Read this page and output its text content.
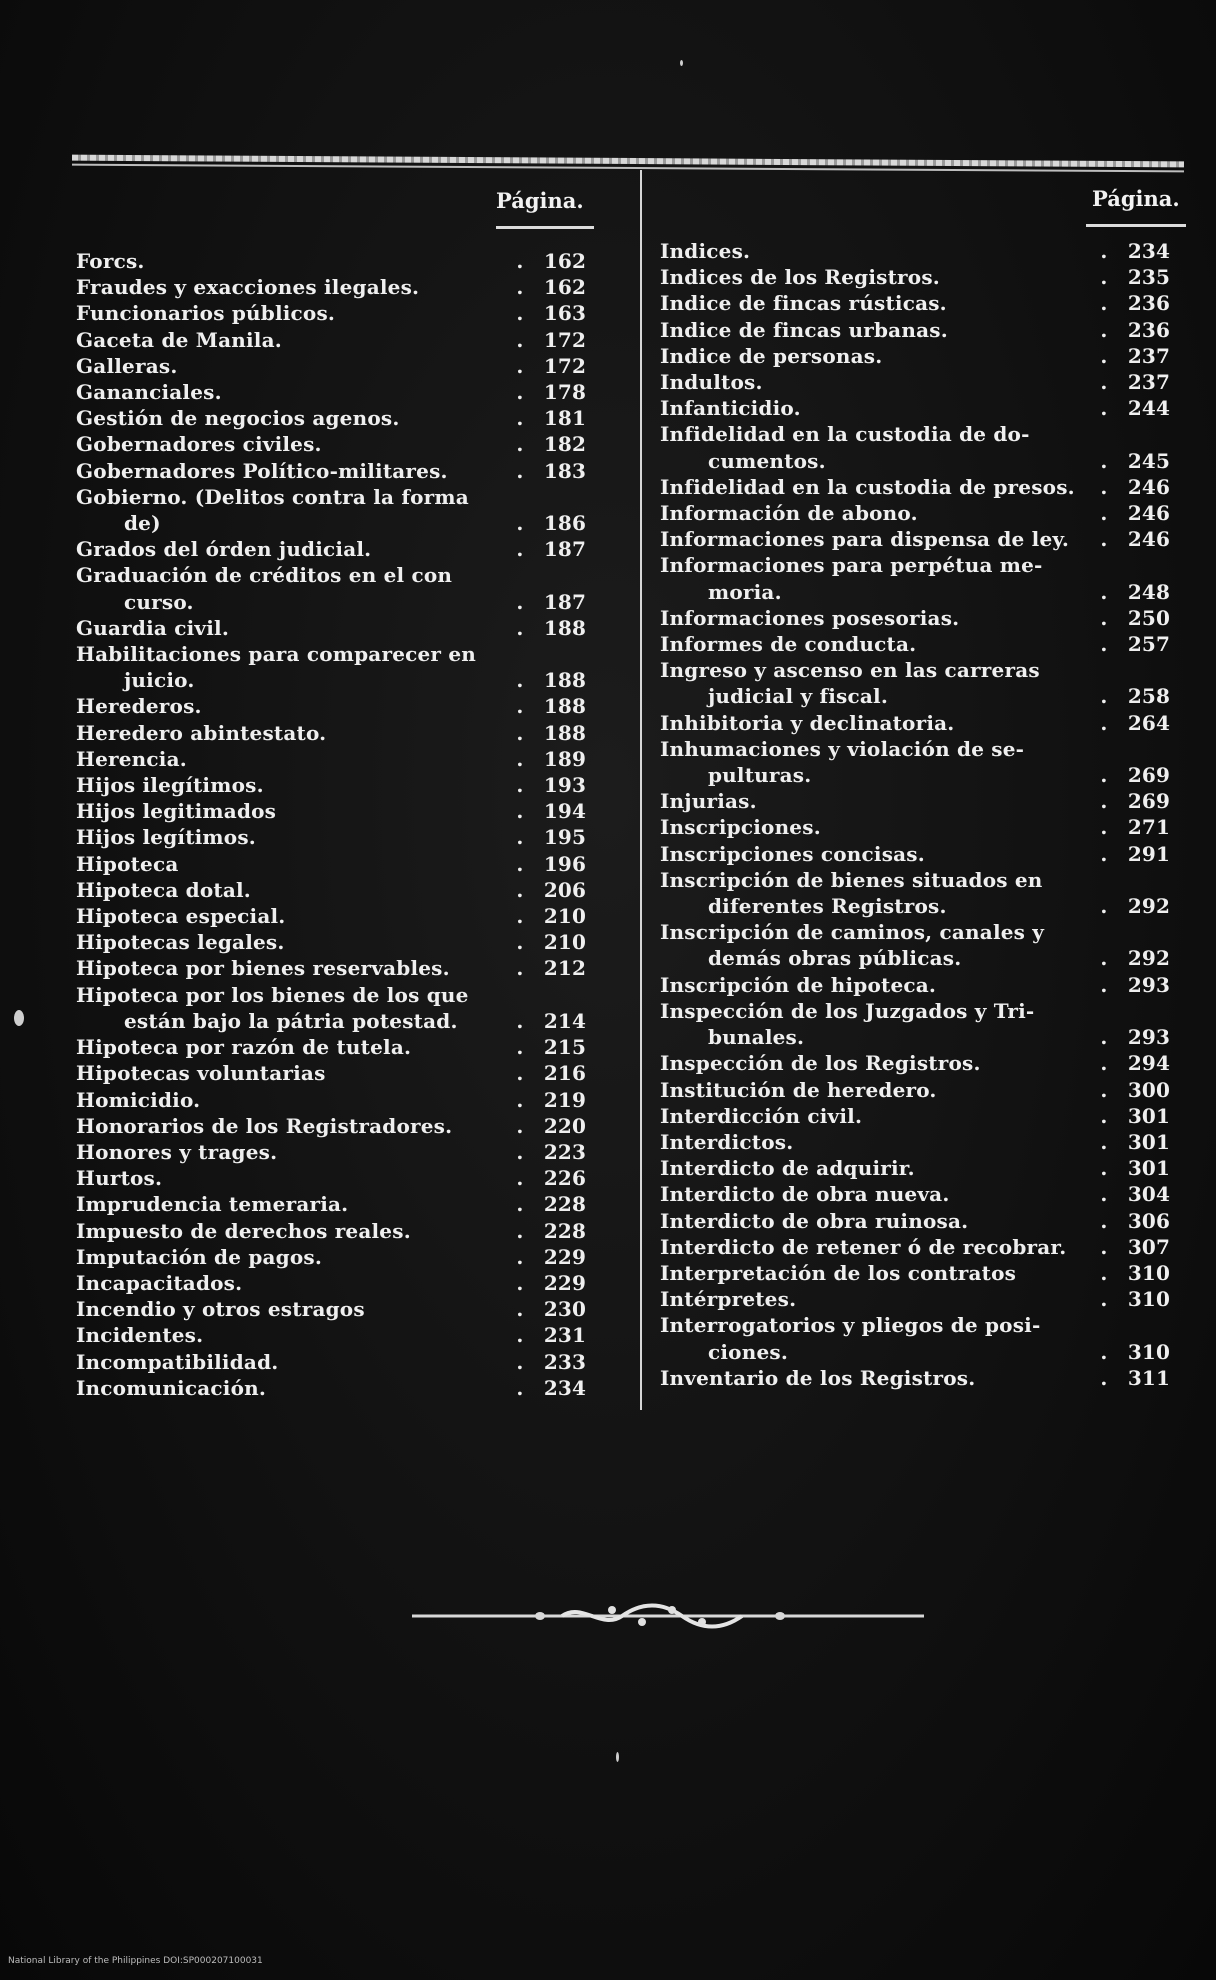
Página.
Forcs.	.	162
Fraudes y exacciones ilegales.	.	162
Funcionarios públicos.	.	163
Gaceta de Manila.	.	172
Galleras.	.	172
Gananciales.	.	178
Gestión de negocios agenos.	.	181
Gobernadores civiles.	.	182
Gobernadores Político-militares.	.	183
Gobierno. (Delitos contra la forma
de)	.	186
Grados del órden judicial.	.	187
Graduación de créditos en el con
curso.	.	187
Guardia civil.	.	188
Habilitaciones para comparecer en
juicio.	.	188
Herederos.	.	188
Heredero abintestato.	.	188
Herencia.	.	189
Hijos ilegítimos.	.	193
Hijos legitimados	.	194
Hijos legítimos.	.	195
Hipoteca	.	196
Hipoteca dotal.	.	206
Hipoteca especial.	.	210
Hipotecas legales.	.	210
Hipoteca por bienes reservables.	.	212
Hipoteca por los bienes de los que
están bajo la pátria potestad.	.	214
Hipoteca por razón de tutela.	.	215
Hipotecas voluntarias	.	216
Homicidio.	.	219
Honorarios de los Registradores.	.	220
Honores y trages.	.	223
Hurtos.	.	226
Imprudencia temeraria.	.	228
Impuesto de derechos reales.	.	228
Imputación de pagos.	.	229
Incapacitados.	.	229
Incendio y otros estragos	.	230
Incidentes.	.	231
Incompatibilidad.	.	233
Incomunicación.	.	234
Página.
Indices.	.	234
Indices de los Registros.	.	235
Indice de fincas rústicas.	.	236
Indice de fincas urbanas.	.	236
Indice de personas.	.	237
Indultos.	.	237
Infanticidio.	.	244
Infidelidad en la custodia de do-
cumentos.	.	245
Infidelidad en la custodia de presos.	.	246
Información de abono.	.	246
Informaciones para dispensa de ley.	.	246
Informaciones para perpétua me-
moria.	.	248
Informaciones posesorias.	.	250
Informes de conducta.	.	257
Ingreso y ascenso en las carreras
judicial y fiscal.	.	258
Inhibitoria y declinatoria.	.	264
Inhumaciones y violación de se-
pulturas.	.	269
Injurias.	.	269
Inscripciones.	.	271
Inscripciones concisas.	.	291
Inscripción de bienes situados en
diferentes Registros.	.	292
Inscripción de caminos, canales y
demás obras públicas.	.	292
Inscripción de hipoteca.	.	293
Inspección de los Juzgados y Tri-
bunales.	.	293
Inspección de los Registros.	.	294
Institución de heredero.	.	300
Interdicción civil.	.	301
Interdictos.	.	301
Interdicto de adquirir.	.	301
Interdicto de obra nueva.	.	304
Interdicto de obra ruinosa.	.	306
Interdicto de retener ó de recobrar.	.	307
Interpretación de los contratos	.	310
Intérpretes.	.	310
Interrogatorios y pliegos de posi-
ciones.	.	310
Inventario de los Registros.	.	311
National Library of the Philippines DOI:SP000207100031
